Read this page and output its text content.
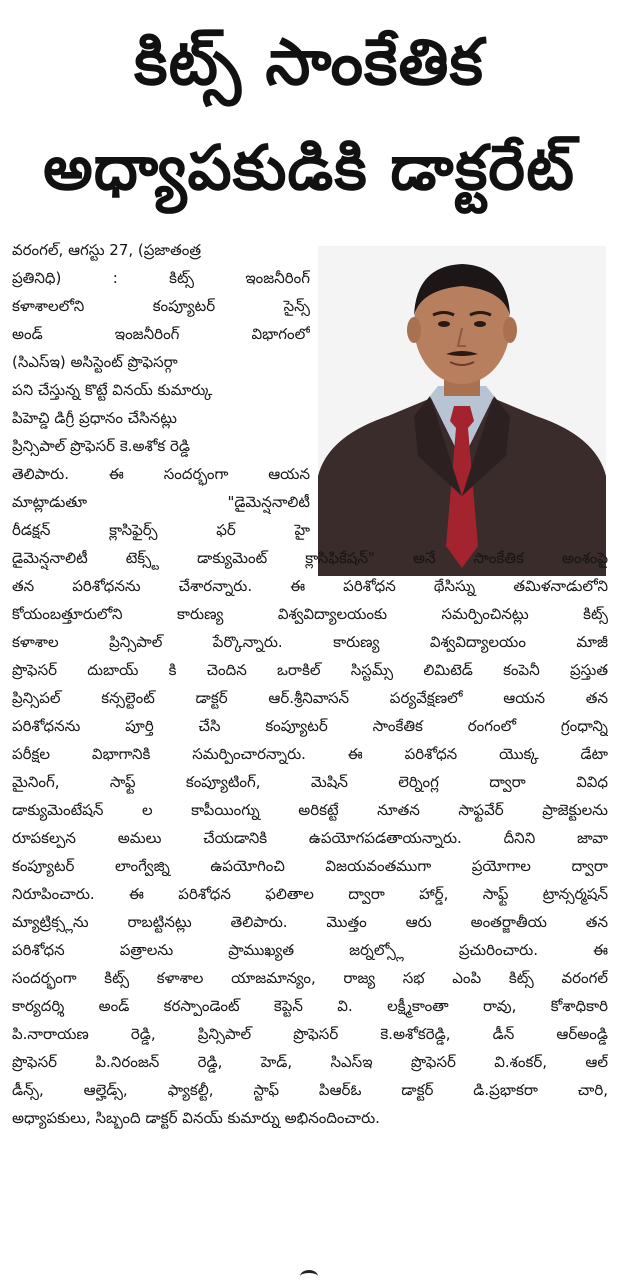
కిట్స్ సాంకేతిక
అధ్యాపకుడికి డాక్టరేట్
వరంగల్, ఆగస్టు 27, (ప్రజాతంత్ర
ప్రతినిధి) : కిట్స్ ఇంజనీరింగ్
కళాశాలలోని కంప్యూటర్ సైన్స్
అండ్ ఇంజనీరింగ్ విభాగంలో
(సిఎస్ఇ) అసిస్టెంట్ ప్రొఫెసర్గా
పని చేస్తున్న కొట్టే వినయ్ కుమార్కు
పిహెచ్డి డిగ్రీ ప్రధానం చేసినట్లు
ప్రిన్సిపాల్ ప్రొఫెసర్ కె.అశోక రెడ్డి
తెలిపారు. ఈ సందర్భంగా ఆయన
మాట్లాడుతూ "డైమెన్షనాలిటీ
రీడక్షన్ క్లాసిఫైర్స్ ఫర్ హై
డైమెన్షనాలిటీ టెక్స్ట్ డాక్యుమెంట్ క్లాసిఫికేషన్" అనే సాంకేతిక అంశంపై
తన పరిశోధనను చేశారన్నారు. ఈ పరిశోధన థేసిస్ను తమిళనాడులోని
కోయంబత్తూరులోని కారుణ్య విశ్వవిద్యాలయంకు సమర్పించినట్లు కిట్స్
కళాశాల ప్రిన్సిపాల్ పేర్కొన్నారు. కారుణ్య విశ్వవిద్యాలయం మాజీ
ప్రొఫెసర్ దుబాయ్ కి చెందిన ఒరాకిల్ సిస్టమ్స్ లిమిటెడ్ కంపెనీ ప్రస్తుత
ప్రిన్సిపల్ కన్సల్టెంట్ డాక్టర్ ఆర్.శ్రీనివాసన్ పర్యవేక్షణలో ఆయన తన
పరిశోధనను పూర్తి చేసి కంప్యూటర్ సాంకేతిక రంగంలో గ్రంధాన్ని
పరీక్షల విభాగానికి సమర్పించారన్నారు. ఈ పరిశోధన యొక్క డేటా
మైనింగ్, సాఫ్ట్ కంప్యూటింగ్, మెషిన్ లెర్నింగ్ల ద్వారా వివిధ
డాక్యుమెంటేషన్ ల కాపీయింగ్ను అరికట్టే నూతన సాఫ్టవేర్ ప్రాజెక్టులను
రూపకల్పన అమలు చేయడానికి ఉపయోగపడతాయన్నారు. దీనిని జావా
కంప్యూటర్ లాంగ్వేజ్ని ఉపయోగించి విజయవంతముగా ప్రయోగాల ద్వారా
నిరూపించారు. ఈ పరిశోధన ఫలితాల ద్వారా హార్డ్, సాఫ్ట్ ట్రాన్సర్మషన్
మ్యాట్రిక్స్లను రాబట్టినట్లు తెలిపారు. మొత్తం ఆరు అంతర్జాతీయ తన
పరిశోధన పత్రాలను ప్రాముఖ్యత జర్నల్స్లో ప్రచురించారు. ఈ
సందర్భంగా కిట్స్ కళాశాల యాజమాన్యం, రాజ్య సభ ఎంపి కిట్స్ వరంగల్
కార్యదర్శి అండ్ కరస్పాండెంట్ కెప్టెన్ వి. లక్ష్మీకాంతా రావు, కోశాధికారి
పి.నారాయణ రెడ్డి, ప్రిన్సిపాల్ ప్రొఫెసర్ కె.అశోకరెడ్డి, డీన్ ఆర్అండ్డి
ప్రొఫెసర్ పి.నిరంజన్ రెడ్డి, హెడ్, సిఎస్ఇ ప్రొఫెసర్ వి.శంకర్, ఆల్
డీన్స్, ఆల్హెడ్స్, ఫ్యాకల్టీ, స్టాఫ్ పిఆర్ఓ డాక్టర్ డి.ప్రభాకరా చారి,
అధ్యాపకులు, సిబ్బంది డాక్టర్ వినయ్ కుమార్ను అభినందించారు.
